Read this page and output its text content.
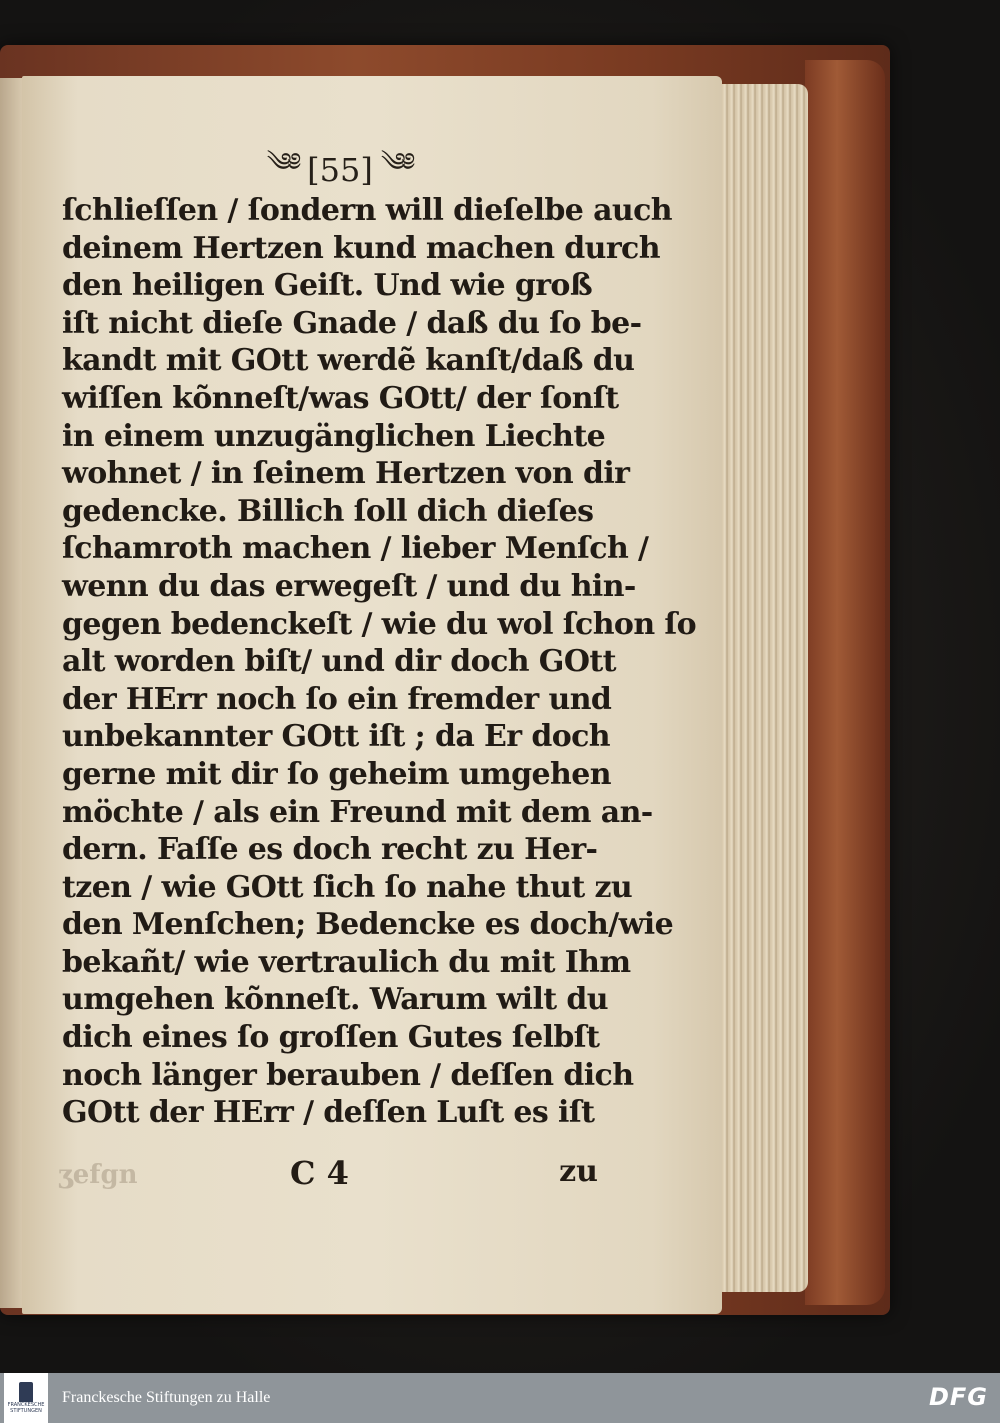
༄༅ [55] ༄༅
ſchlieſſen / ſondern will dieſelbe auch
deinem Hertzen kund machen durch
den heiligen Geiſt. Und wie groß
iſt nicht dieſe Gnade / daß du ſo be-
kandt mit GOtt werdẽ kanſt/daß du
wiſſen kõnneſt/was GOtt/ der ſonſt
in einem unzugänglichen Liechte
wohnet / in ſeinem Hertzen von dir
gedencke. Billich ſoll dich dieſes
ſchamroth machen / lieber Menſch /
wenn du das erwegeſt / und du hin-
gegen bedenckeſt / wie du wol ſchon ſo
alt worden biſt/ und dir doch GOtt
der HErr noch ſo ein fremder und
unbekannter GOtt iſt ; da Er doch
gerne mit dir ſo geheim umgehen
möchte / als ein Freund mit dem an-
dern. Faſſe es doch recht zu Her-
tzen / wie GOtt ſich ſo nahe thut zu
den Menſchen; Bedencke es doch/wie
bekañt/ wie vertraulich du mit Ihm
umgehen kõnneſt. Warum wilt du
dich eines ſo groſſen Gutes ſelbſt
noch länger berauben / deſſen dich
GOtt der HErr / deſſen Luſt es iſt
ʒefgn	C 4	zu
FRANCKESCHE STIFTUNGEN
Franckesche Stiftungen zu Halle	DFG
